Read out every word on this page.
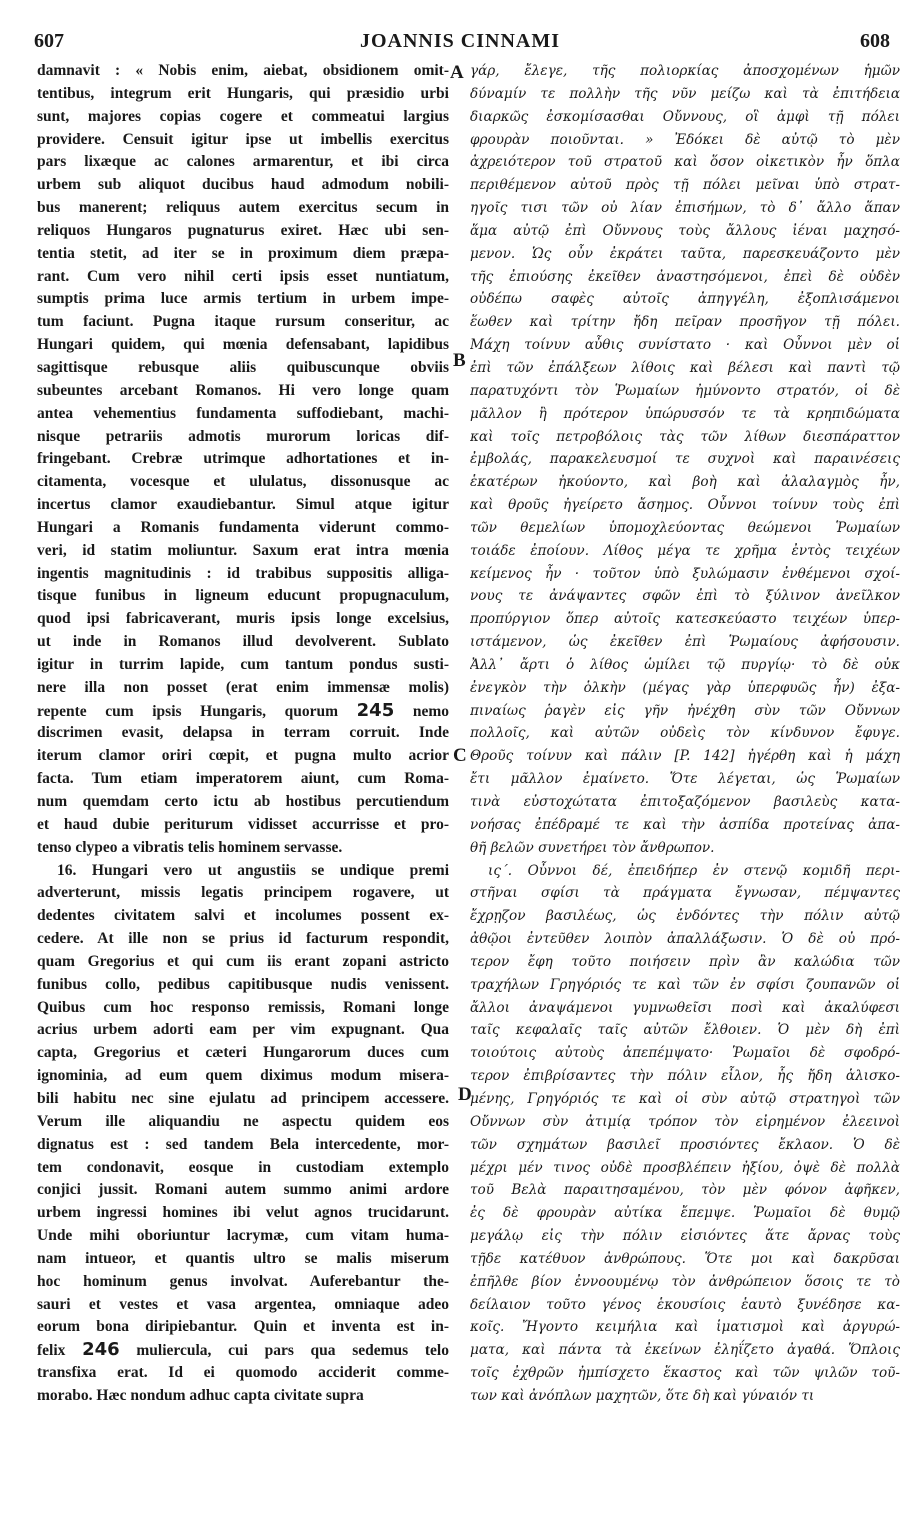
607	JOANNIS CINNAMI	608
damnavit : « Nobis enim, aiebat, obsidionem omit-
tentibus, integrum erit Hungaris, qui præsidio urbi
sunt, majores copias cogere et commeatui largius
providere. Censuit igitur ipse ut imbellis exercitus
pars lixæque ac calones armarentur, et ibi circa
urbem sub aliquot ducibus haud admodum nobili-
bus manerent; reliquus autem exercitus secum in
reliquos Hungaros pugnaturus exiret. Hæc ubi sen-
tentia stetit, ad iter se in proximum diem præpa-
rant. Cum vero nihil certi ipsis esset nuntiatum,
sumptis prima luce armis tertium in urbem impe-
tum faciunt. Pugna itaque rursum conseritur, ac
Hungari quidem, qui mœnia defensabant, lapidibus
sagittisque rebusque aliis quibuscunque obviis
subeuntes arcebant Romanos. Hi vero longe quam
antea vehementius fundamenta suffodiebant, machi-
nisque petrariis admotis murorum loricas dif-
fringebant. Crebræ utrimque adhortationes et in-
citamenta, vocesque et ululatus, dissonusque ac
incertus clamor exaudiebantur. Simul atque igitur
Hungari a Romanis fundamenta viderunt commo-
veri, id statim moliuntur. Saxum erat intra mœnia
ingentis magnitudinis : id trabibus suppositis alliga-
tisque funibus in ligneum educunt propugnaculum,
quod ipsi fabricaverant, muris ipsis longe excelsius,
ut inde in Romanos illud devolverent. Sublato
igitur in turrim lapide, cum tantum pondus susti-
nere illa non posset (erat enim immensæ molis)
repente cum ipsis Hungaris, quorum 245 nemo
discrimen evasit, delapsa in terram corruit. Inde
iterum clamor oriri cœpit, et pugna multo acrior
facta. Tum etiam imperatorem aiunt, cum Roma-
num quemdam certo ictu ab hostibus percutiendum
et haud dubie periturum vidisset accurrisse et pro-
tenso clypeo a vibratis telis hominem servasse.
16. Hungari vero ut angustiis se undique premi
adverterunt, missis legatis principem rogavere, ut
dedentes civitatem salvi et incolumes possent ex-
cedere. At ille non se prius id facturum respondit,
quam Gregorius et qui cum iis erant zopani astricto
funibus collo, pedibus capitibusque nudis venissent.
Quibus cum hoc responso remissis, Romani longe
acrius urbem adorti eam per vim expugnant. Qua
capta, Gregorius et cæteri Hungarorum duces cum
ignominia, ad eum quem diximus modum misera-
bili habitu nec sine ejulatu ad principem accessere.
Verum ille aliquandiu ne aspectu quidem eos
dignatus est : sed tandem Bela intercedente, mor-
tem condonavit, eosque in custodiam extemplo
conjici jussit. Romani autem summo animi ardore
urbem ingressi homines ibi velut agnos trucidarunt.
Unde mihi oboriuntur lacrymæ, cum vitam huma-
nam intueor, et quantis ultro se malis miserum
hoc hominum genus involvat. Auferebantur the-
sauri et vestes et vasa argentea, omniaque adeo
eorum bona diripiebantur. Quin et inventa est in-
felix 246 muliercula, cui pars qua sedemus telo
transfixa erat. Id ei quomodo acciderit comme-
morabo. Hæc nondum adhuc capta civitate supra
γάρ, ἔλεγε, τῆς πολιορκίας ἀποσχομένων ἡμῶν
δύναμίν τε πολλὴν τῆς νῦν μείζω καὶ τὰ ἐπιτήδεια
διαρκῶς ἐσκομίσασθαι Οὔννους, οἳ ἀμφὶ τῇ πόλει
φρουρὰν ποιοῦνται. » Ἐδόκει δὲ αὐτῷ τὸ μὲν
ἀχρειότερον τοῦ στρατοῦ καὶ ὅσον οἰκετικὸν ἦν ὅπλα
περιθέμενον αὐτοῦ πρὸς τῇ πόλει μεῖναι ὑπὸ στρατ-
ηγοῖς τισι τῶν οὐ λίαν ἐπισήμων, τὸ δ᾽ ἄλλο ἅπαν
ἅμα αὐτῷ ἐπὶ Οὔννους τοὺς ἄλλους ἰέναι μαχησό-
μενον. Ὡς οὖν ἐκράτει ταῦτα, παρεσκευάζοντο μὲν
τῆς ἐπιούσης ἐκεῖθεν ἀναστησόμενοι, ἐπεὶ δὲ οὐδὲν
οὐδέπω σαφὲς αὐτοῖς ἀπηγγέλη, ἐξοπλισάμενοι
ἕωθεν καὶ τρίτην ἤδη πεῖραν προσῆγον τῇ πόλει.
Μάχη τοίνυν αὖθις συνίστατο · καὶ Οὖννοι μὲν οἱ
ἐπὶ τῶν ἐπάλξεων λίθοις καὶ βέλεσι καὶ παντὶ τῷ
παρατυχόντι τὸν Ῥωμαίων ἠμύνοντο στρατόν, οἱ δὲ
μᾶλλον ἢ πρότερον ὑπώρυσσόν τε τὰ κρηπιδώματα
καὶ τοῖς πετροβόλοις τὰς τῶν λίθων διεσπάραττον
ἐμβολάς, παρακελευσμοί τε συχνοὶ καὶ παραινέσεις
ἑκατέρων ἠκούοντο, καὶ βοὴ καὶ ἀλαλαγμὸς ἦν,
καὶ θροῦς ἠγείρετο ἄσημος. Οὖννοι τοίνυν τοὺς ἐπὶ
τῶν θεμελίων ὑπομοχλεύοντας θεώμενοι Ῥωμαίων
τοιάδε ἐποίουν. Λίθος μέγα τε χρῆμα ἐντὸς τειχέων
κείμενος ἦν · τοῦτον ὑπὸ ξυλώμασιν ἐνθέμενοι σχοί-
νους τε ἀνάψαντες σφῶν ἐπὶ τὸ ξύλινον ἀνεῖλκον
προπύργιον ὅπερ αὐτοῖς κατεσκεύαστο τειχέων ὑπερ-
ιστάμενον, ὡς ἐκεῖθεν ἐπὶ Ῥωμαίους ἀφήσουσιν.
Ἀλλ᾽ ἄρτι ὁ λίθος ὡμίλει τῷ πυργίῳ· τὸ δὲ οὐκ
ἐνεγκὸν τὴν ὁλκὴν (μέγας γὰρ ὑπερφυῶς ἦν) ἐξα-
πιναίως ῥαγὲν εἰς γῆν ἠνέχθη σὺν τῶν Οὔννων
πολλοῖς, καὶ αὐτῶν οὐδεὶς τὸν κίνδυνον ἔφυγε.
Θροῦς τοίνυν καὶ πάλιν [P. 142] ἠγέρθη καὶ ἡ μάχη
ἔτι μᾶλλον ἐμαίνετο. Ὅτε λέγεται, ὡς Ῥωμαίων
τινὰ εὐστοχώτατα ἐπιτοξαζόμενον βασιλεὺς κατα-
νοήσας ἐπέδραμέ τε καὶ τὴν ἀσπίδα προτείνας ἀπα-
θῆ βελῶν συνετήρει τὸν ἄνθρωπον.
ις´. Οὖννοι δέ, ἐπειδήπερ ἐν στενῷ κομιδῆ περι-
στῆναι σφίσι τὰ πράγματα ἔγνωσαν, πέμψαντες
ἔχρῃζον βασιλέως, ὡς ἐνδόντες τὴν πόλιν αὐτῷ
ἀθῷοι ἐντεῦθεν λοιπὸν ἀπαλλάξωσιν. Ὁ δὲ οὐ πρό-
τερον ἔφη τοῦτο ποιήσειν πρὶν ἂν καλώδια τῶν
τραχήλων Γρηγόριός τε καὶ τῶν ἐν σφίσι ζουπανῶν οἱ
ἄλλοι ἀναψάμενοι γυμνωθεῖσι ποσὶ καὶ ἀκαλύφεσι
ταῖς κεφαλαῖς ταῖς αὐτῶν ἔλθοιεν. Ὁ μὲν δὴ ἐπὶ
τοιούτοις αὐτοὺς ἀπεπέμψατο· Ῥωμαῖοι δὲ σφοδρό-
τερον ἐπιβρίσαντες τὴν πόλιν εἷλον, ἧς ἤδη ἁλισκο-
μένης, Γρηγόριός τε καὶ οἱ σὺν αὐτῷ στρατηγοὶ τῶν
Οὔννων σὺν ἀτιμίᾳ τρόπον τὸν εἰρημένον ἐλεεινοὶ
τῶν σχημάτων βασιλεῖ προσιόντες ἔκλαον. Ὁ δὲ
μέχρι μέν τινος οὐδὲ προσβλέπειν ἠξίου, ὀψὲ δὲ πολλὰ
τοῦ Βελὰ παραιτησαμένου, τὸν μὲν φόνον ἀφῆκεν,
ἐς δὲ φρουρὰν αὐτίκα ἔπεμψε. Ῥωμαῖοι δὲ θυμῷ
μεγάλῳ εἰς τὴν πόλιν εἰσιόντες ἅτε ἄρνας τοὺς
τῇδε κατέθυον ἀνθρώπους. Ὅτε μοι καὶ δακρῦσαι
ἐπῆλθε βίον ἐννοουμένῳ τὸν ἀνθρώπειον ὅσοις τε τὸ
δείλαιον τοῦτο γένος ἑκουσίοις ἑαυτὸ ξυνέδησε κα-
κοῖς. Ἤγοντο κειμήλια καὶ ἱματισμοὶ καὶ ἀργυρώ-
ματα, καὶ πάντα τὰ ἐκείνων ἐληΐζετο ἀγαθά. Ὅπλοις
τοῖς ἐχθρῶν ἠμπίσχετο ἕκαστος καὶ τῶν ψιλῶν τοῦ-
των καὶ ἀνόπλων μαχητῶν, ὅτε δὴ καὶ γύναιόν τι
A
B
C
D
